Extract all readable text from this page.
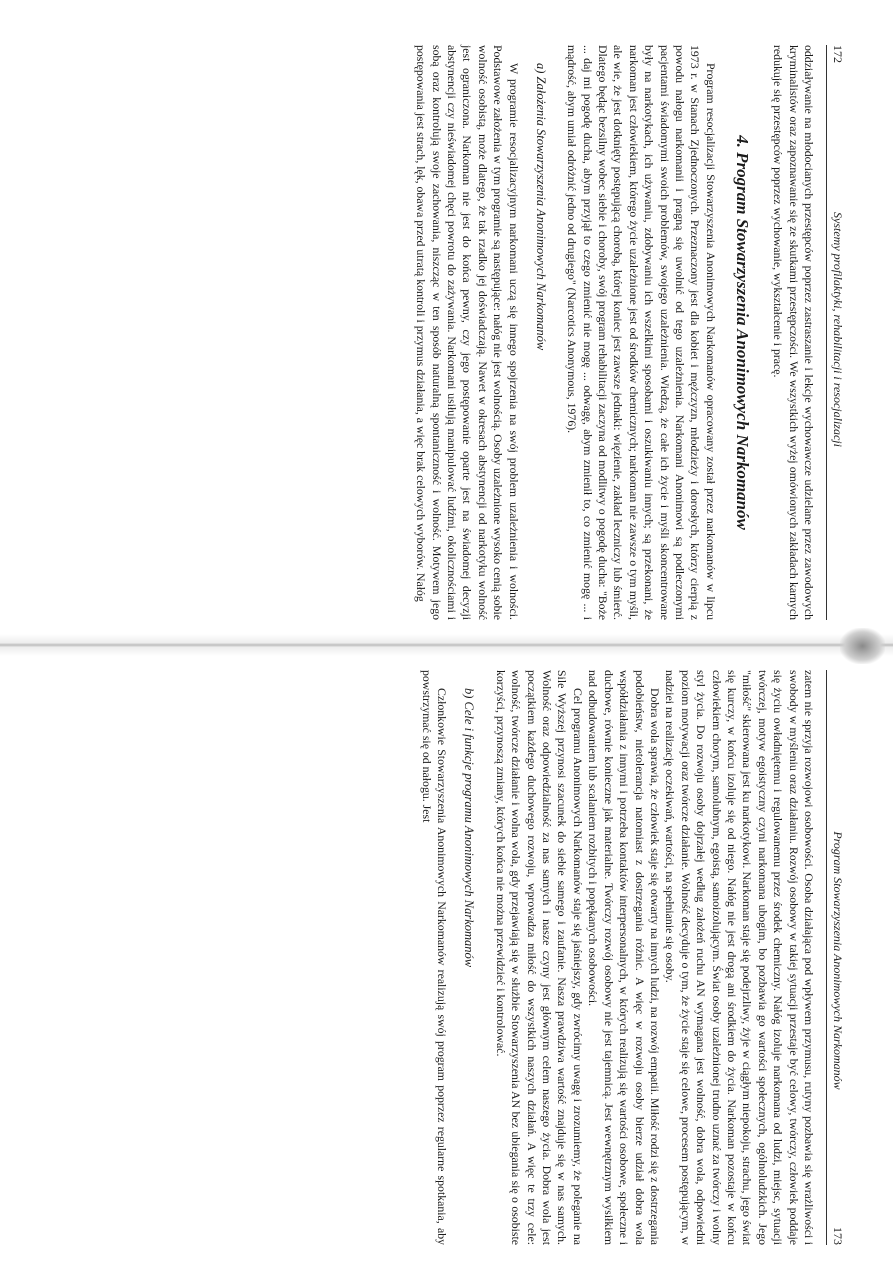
172
Systemy profilaktyki, rehabilitacji i resocjalizacji

oddziaływanie na młodocianych przestępców poprzez zastraszanie i lekcje wychowawcze udzielane przez zawodowych kryminalistów oraz zapoznawanie się ze skutkami przestępczości. We wszystkich wyżej omówionych zakładach karnych redukuje się przestępców poprzez wychowanie, wykształcenie i pracę.

4. Program Stowarzyszenia Anonimowych Narkomanów

Program resocjalizacji Stowarzyszenia Anonimowych Narkomanów opracowany został przez narkomanów w lipcu 1973 r. w Stanach Zjednoczonych. Przeznaczony jest dla kobiet i mężczyzn, młodzieży i dorosłych, którzy cierpią z powodu nałogu narkomanii i pragną się uwolnić od tego uzależnienia. Narkomani Anonimowi są podleczonymi pacjentami świadomymi swoich problemów, swojego uzależnienia. Wiedzą, że całe ich życie i myśli skoncentrowane były na narkotykach, ich używaniu, zdobywaniu ich wszelkimi sposobami i oszukiwaniu innych; są przekonani, że narkoman jest człowiekiem, którego życie uzależnione jest od środków chemicznych; narkoman nie zawsze o tym myśli, ale wie, że jest dotknięty postępującą chorobą, której koniec jest zawsze jednaki: więzienie, zakład leczniczy lub śmierć. Dlatego będąc bezsilny wobec siebie i choroby, swój program rehabilitacji zaczyna od modlitwy o pogodę ducha: "Boże ... daj mi pogodę ducha, abym przyjął to czego zmienić nie mogę ... odwagę, abym zmienił to, co zmienić mogę ... i mądrość, abym umiał odróżnić jedno od drugiego" (Narcotics Anonymous, 1976).

a) Założenia Stowarzyszenia Anonimowych Narkomanów

W programie resocjalizacyjnym narkomani uczą się innego spojrzenia na swój problem uzależnienia i wolności. Podstawowe założenia w tym programie są następujące: nałóg nie jest wolnością. Osoby uzależnione wysoko cenią sobie wolność osobistą, może dlatego, że tak rzadko jej doświadczają. Nawet w okresach abstynencji od narkotyku wolność jest ograniczona. Narkoman nie jest do końca pewny, czy jego postępowanie oparte jest na świadomej decyzji abstynencji czy nieświadomej chęci powrotu do zażywania. Narkomani usiłują manipulować ludźmi, okolicznościami i sobą oraz kontrolują swoje zachowania, niszcząc w ten sposób naturalną spontaniczność i wolność. Motywem jego postępowania jest strach, lęk, obawa przed utratą kontroli i przymus działania, a więc brak celowych wyborów. Nałóg

Program Stowarzyszenia Anonimowych Narkomanów
173

zatem nie sprzyja rozwojowi osobowości. Osoba działająca pod wpływem przymusu, rutyny pozbawia się wrażliwości i swobody w myśleniu oraz działaniu. Rozwój osobowy w takiej sytuacji przestaje być celowy, twórczy, człowiek poddaje się życiu owładniętemu i regulowanemu przez środek chemiczny. Nałóg izoluje narkomana od ludzi, miejsc, sytuacji twórczej, motyw egoistyczny czyni narkomana ubogim, bo pozbawia go wartości społecznych, ogólnoludzkich. Jego "miłość" skierowana jest ku narkotykowi. Narkoman staje się podejrzliwy, żyje w ciągłym niepokoju, strachu, jego świat się kurczy, w końcu izoluje się od niego. Nałóg nie jest drogą ani środkiem do życia. Narkoman pozostaje w końcu człowiekiem chorym, samolubnym, egoistą, samoizolującym. Świat osoby uzależnionej trudno uznać za twórczy i wolny styl życia. Do rozwoju osoby dojrzałej według założeń ruchu AN wymagana jest wolność, dobra wola, odpowiedni poziom motywacji oraz twórcze działanie. Wolność decyduje o tym, że życie staje się celowe, procesem postępującym, w nadziei na realizację oczekiwań, wartości, na spełnianie się osoby.

Dobra wola sprawia, że człowiek staje się otwarty na innych ludzi, na rozwój empatii. Miłość rodzi się z dostrzegania podobieństw, nietolerancja natomiast z dostrzegania różnic. A więc w rozwoju osoby bierze udział dobra wola współdziałania z innymi i potrzeba kontaktów interpersonalnych, w których realizują się wartości osobowe, społeczne i duchowe, równie konieczne jak materialne. Twórczy rozwój osobowy nie jest tajemnicą. Jest wewnętrznym wysiłkiem nad odbudowaniem lub scalaniem rozbitych i popękanych osobowości.

Cel programu Anonimowych Narkomanów staje się jaśniejszy, gdy zwrócimy uwagę i zrozumiemy, że poleganie na Sile Wyższej przynosi szacunek do siebie samego i zaufanie. Nasza prawdziwa wartość znajduje się w nas samych. Wolność oraz odpowiedzialność za nas samych i nasze czyny jest głównym celem naszego życia. Dobra wola jest początkiem każdego duchowego rozwoju, wprowadza miłość do wszystkich naszych działań. A więc te trzy cele: wolność, twórcze działanie i wolna wola, gdy przejawiają się w służbie Stowarzyszenia AN bez ubiegania się o osobiste korzyści, przynoszą zmiany, których końca nie można przewidzieć i kontrolować.

b) Cele i funkcje programu Anonimowych Narkomanów

Członkowie Stowarzyszenia Anonimowych Narkomanów realizują swój program poprzez regularne spotkania, aby powstrzymać się od nałogu. Jest
